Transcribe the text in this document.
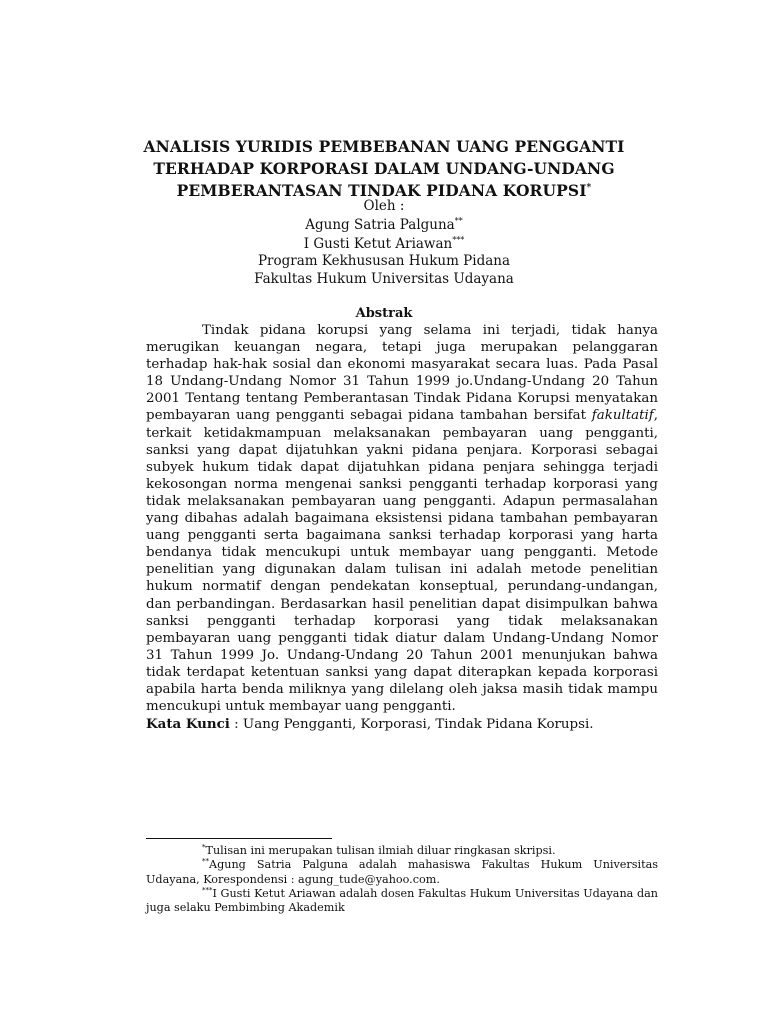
ANALISIS YURIDIS PEMBEBANAN UANG PENGGANTI
TERHADAP KORPORASI DALAM UNDANG-UNDANG
PEMBERANTASAN TINDAK PIDANA KORUPSI*
Oleh :
Agung Satria Palguna**
I Gusti Ketut Ariawan***
Program Kekhususan Hukum Pidana
Fakultas Hukum Universitas Udayana
Abstrak

Tindak pidana korupsi yang selama ini terjadi, tidak hanya merugikan keuangan negara, tetapi juga merupakan pelanggaran terhadap hak-hak sosial dan ekonomi masyarakat secara luas. Pada Pasal 18 Undang-Undang Nomor 31 Tahun 1999 jo.Undang-Undang 20 Tahun 2001 Tentang tentang Pemberantasan Tindak Pidana Korupsi menyatakan pembayaran uang pengganti sebagai pidana tambahan bersifat fakultatif, terkait ketidakmampuan melaksanakan pembayaran uang pengganti, sanksi yang dapat dijatuhkan yakni pidana penjara. Korporasi sebagai subyek hukum tidak dapat dijatuhkan pidana penjara sehingga terjadi kekosongan norma mengenai sanksi pengganti terhadap korporasi yang tidak melaksanakan pembayaran uang pengganti. Adapun permasalahan yang dibahas adalah bagaimana eksistensi pidana tambahan pembayaran uang pengganti serta bagaimana sanksi terhadap korporasi yang harta bendanya tidak mencukupi untuk membayar uang pengganti. Metode penelitian yang digunakan dalam tulisan ini adalah metode penelitian hukum normatif dengan pendekatan konseptual, perundang-undangan, dan perbandingan. Berdasarkan hasil penelitian dapat disimpulkan bahwa sanksi pengganti terhadap korporasi yang tidak melaksanakan pembayaran uang pengganti tidak diatur dalam Undang-Undang Nomor 31 Tahun 1999 Jo. Undang-Undang 20 Tahun 2001 menunjukan bahwa tidak terdapat ketentuan sanksi yang dapat diterapkan kepada korporasi apabila harta benda miliknya yang dilelang oleh jaksa masih tidak mampu mencukupi untuk membayar uang pengganti.

Kata Kunci : Uang Pengganti, Korporasi, Tindak Pidana Korupsi.

*Tulisan ini merupakan tulisan ilmiah diluar ringkasan skripsi.

**Agung Satria Palguna adalah mahasiswa Fakultas Hukum Universitas Udayana, Korespondensi : agung_tude@yahoo.com.

***I Gusti Ketut Ariawan adalah dosen Fakultas Hukum Universitas Udayana dan juga selaku Pembimbing Akademik
